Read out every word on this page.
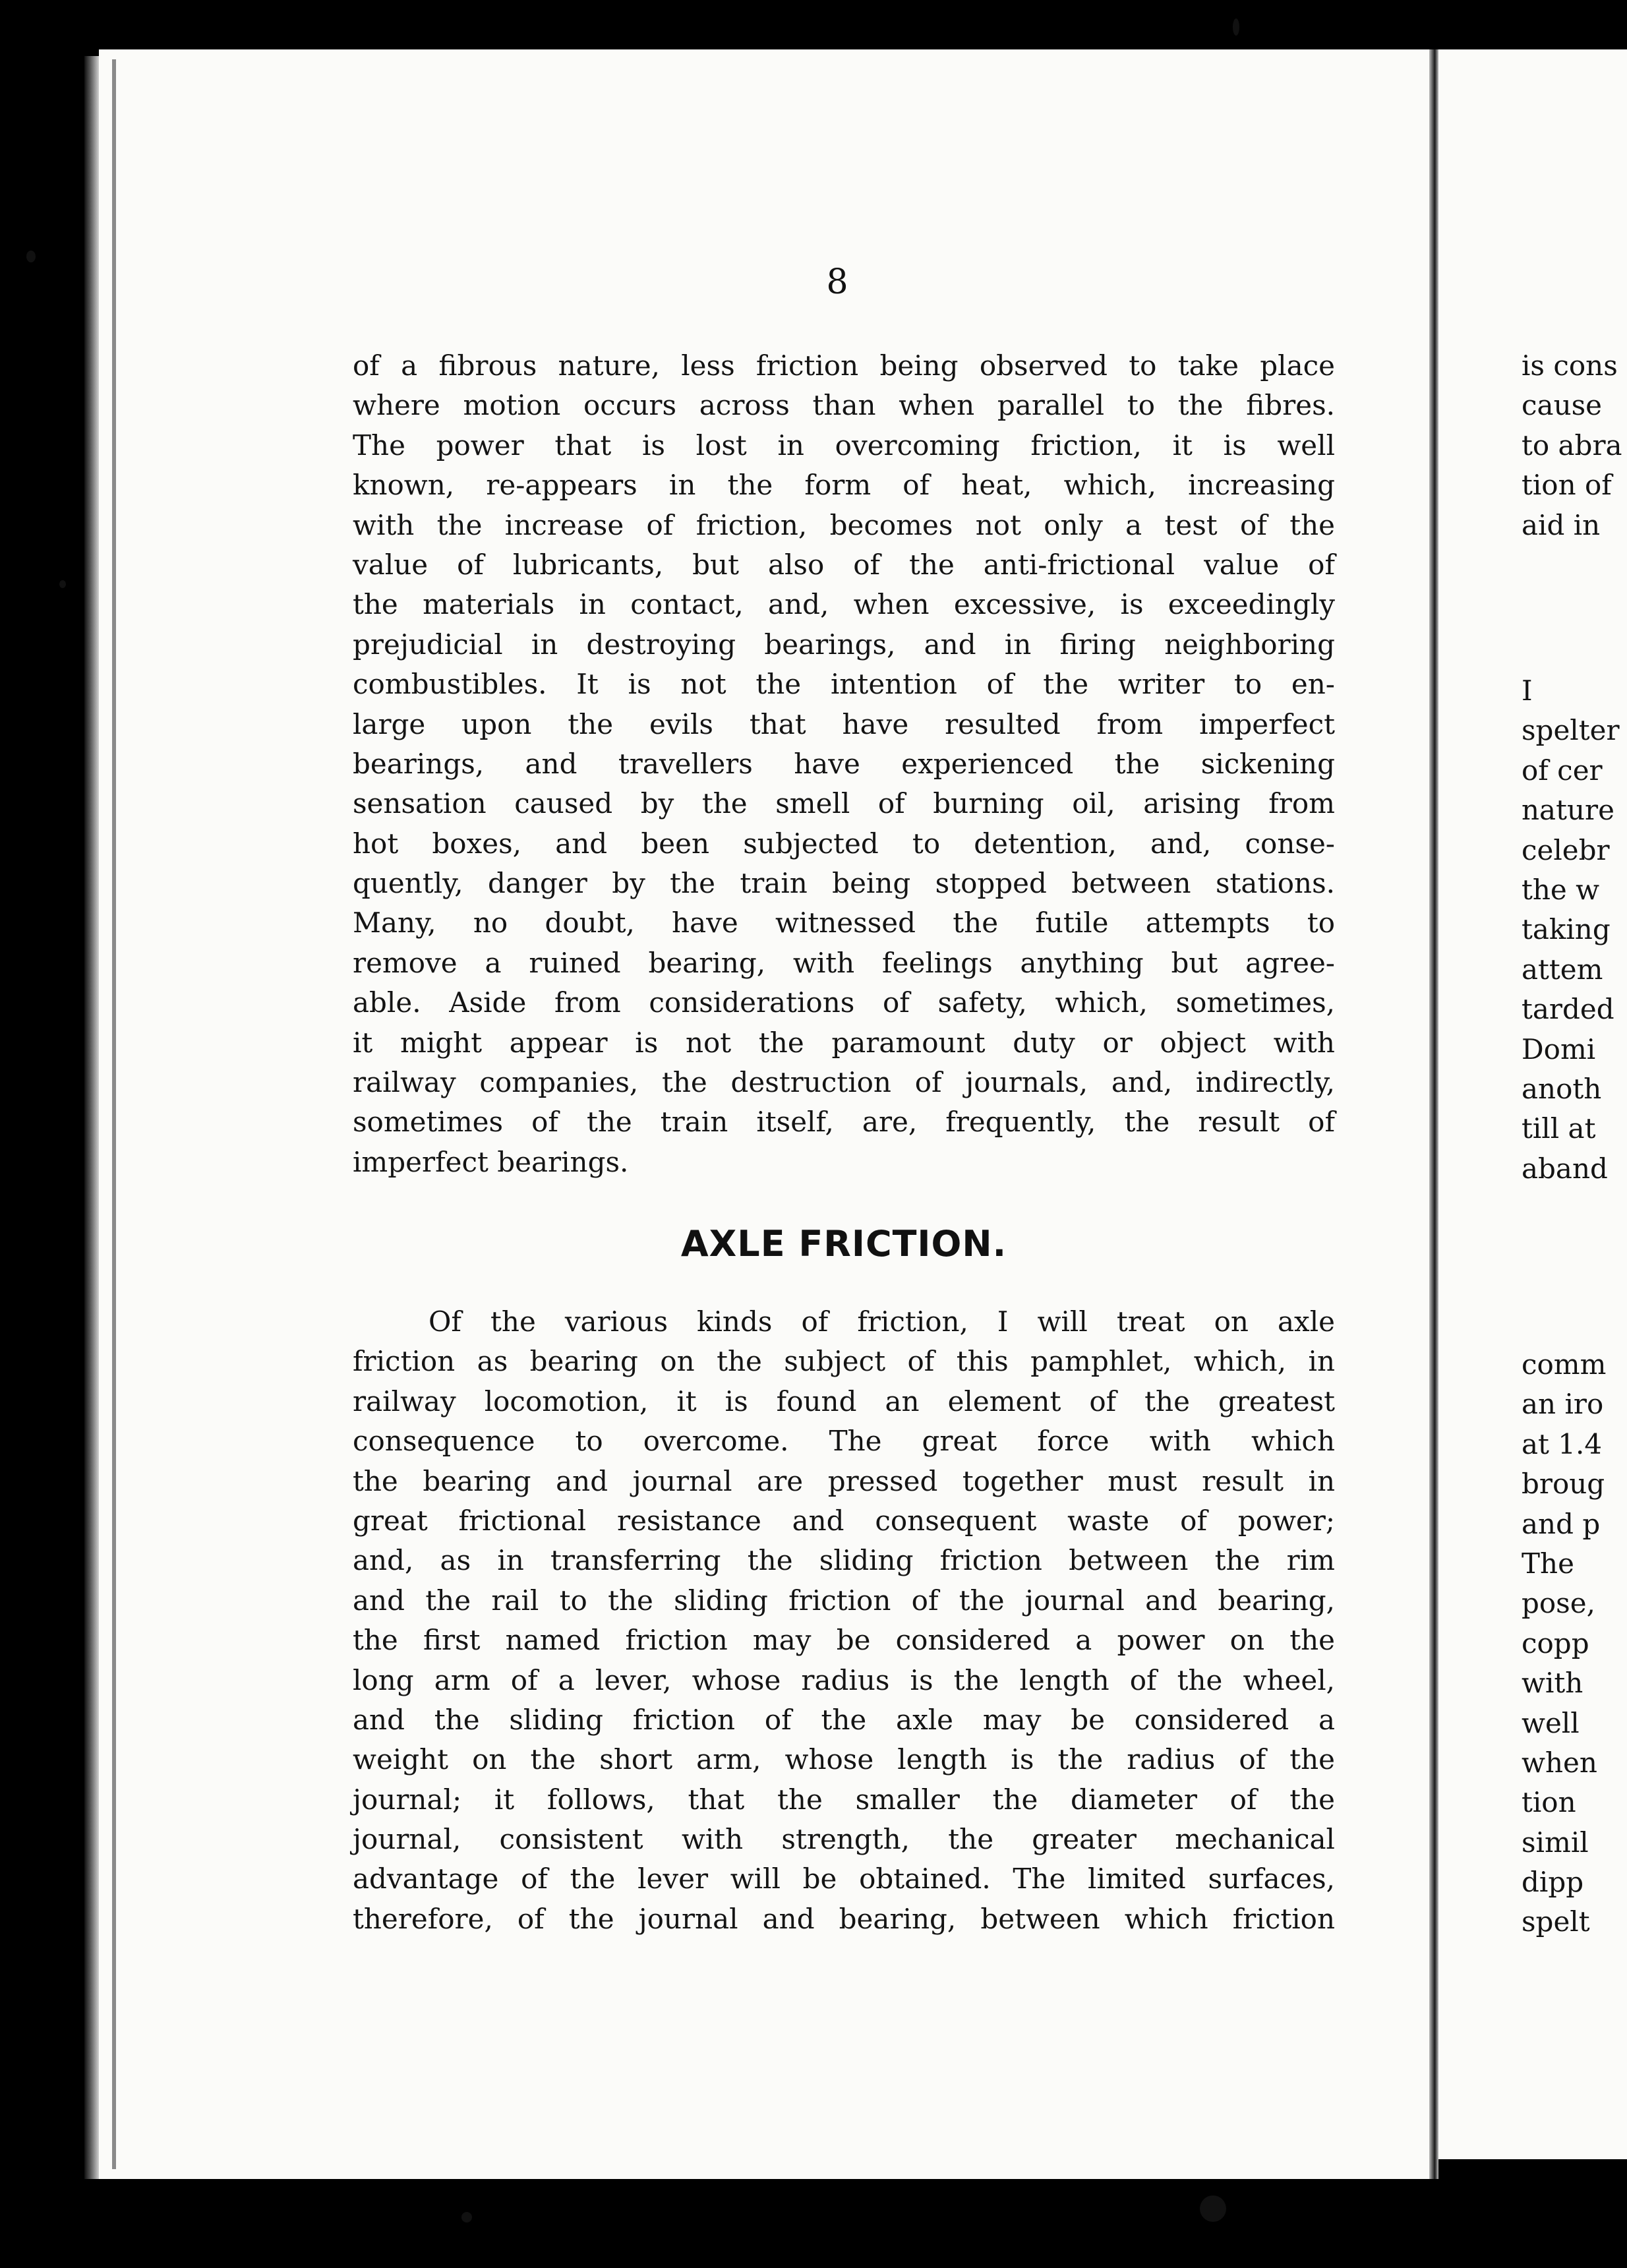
8
of a fibrous nature, less friction being observed to take place
where motion occurs across than when parallel to the fibres.
The power that is lost in overcoming friction, it is well
known, re-appears in the form of heat, which, increasing
with the increase of friction, becomes not only a test of the
value of lubricants, but also of the anti-frictional value of
the materials in contact, and, when excessive, is exceedingly
prejudicial in destroying bearings, and in firing neighboring
combustibles. It is not the intention of the writer to en-
large upon the evils that have resulted from imperfect
bearings, and travellers have experienced the sickening
sensation caused by the smell of burning oil, arising from
hot boxes, and been subjected to detention, and, conse-
quently, danger by the train being stopped between stations.
Many, no doubt, have witnessed the futile attempts to
remove a ruined bearing, with feelings anything but agree-
able. Aside from considerations of safety, which, sometimes,
it might appear is not the paramount duty or object with
railway companies, the destruction of journals, and, indirectly,
sometimes of the train itself, are, frequently, the result of
imperfect bearings.
AXLE FRICTION.
Of the various kinds of friction, I will treat on axle
friction as bearing on the subject of this pamphlet, which, in
railway locomotion, it is found an element of the greatest
consequence to overcome. The great force with which
the bearing and journal are pressed together must result in
great frictional resistance and consequent waste of power;
and, as in transferring the sliding friction between the rim
and the rail to the sliding friction of the journal and bearing,
the first named friction may be considered a power on the
long arm of a lever, whose radius is the length of the wheel,
and the sliding friction of the axle may be considered a
weight on the short arm, whose length is the radius of the
journal; it follows, that the smaller the diameter of the
journal, consistent with strength, the greater mechanical
advantage of the lever will be obtained. The limited surfaces,
therefore, of the journal and bearing, between which friction
is cons
cause
to abra
tion of
aid in
I
spelter
of cer
nature
celebr
the w
taking
attem
tarded
Domi
anoth
till at
aband
comm
an iro
at 1.4
broug
and p
The
pose,
copp
with
well
when
tion
simil
dipp
spelt
